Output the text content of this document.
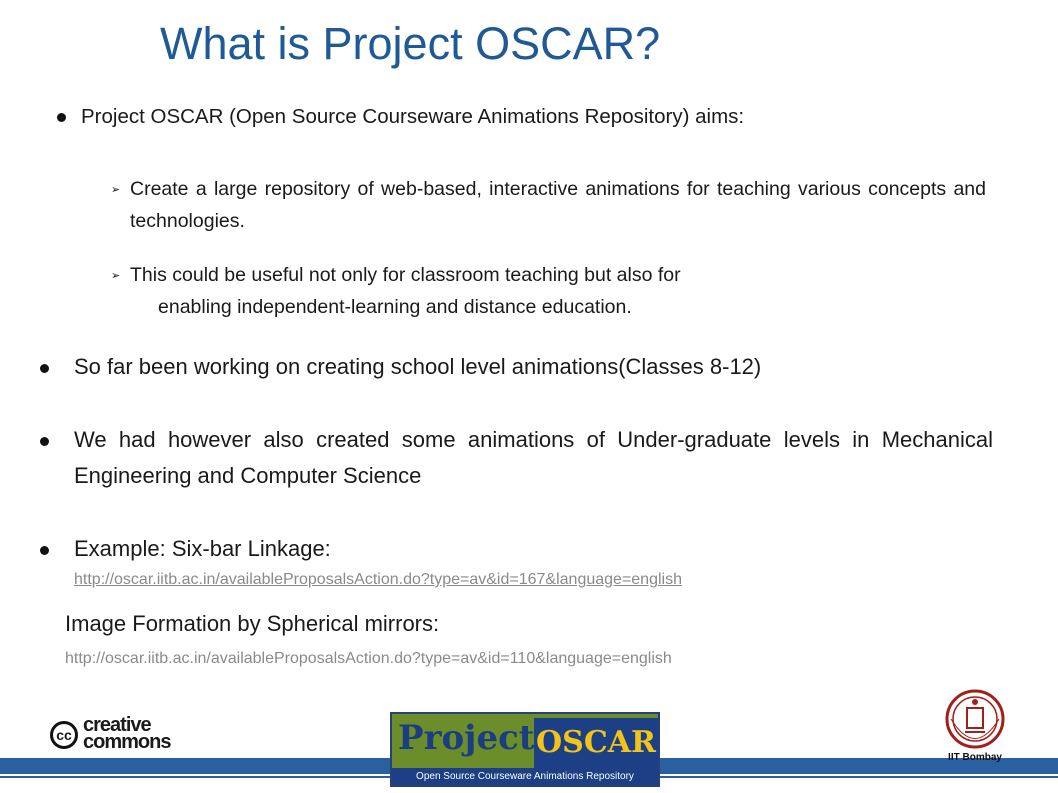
What is Project OSCAR?
Project OSCAR (Open Source Courseware Animations Repository) aims:
➢ Create a large repository of web-based, interactive animations for teaching various concepts and technologies.
➢ This could be useful not only for classroom teaching but also for
enabling independent-learning and distance education.
So far been working on creating school level animations(Classes 8-12)
We had however also created some animations of Under-graduate levels in Mechanical Engineering and Computer Science
Example: Six-bar Linkage:
http://oscar.iitb.ac.in/availableProposalsAction.do?type=av&id=167&language=english
Image Formation by Spherical mirrors:
http://oscar.iitb.ac.in/availableProposalsAction.do?type=av&id=110&language=english
cc creative
commons	Project OSCAR
Open Source Courseware Animations Repository
IIT Bombay
